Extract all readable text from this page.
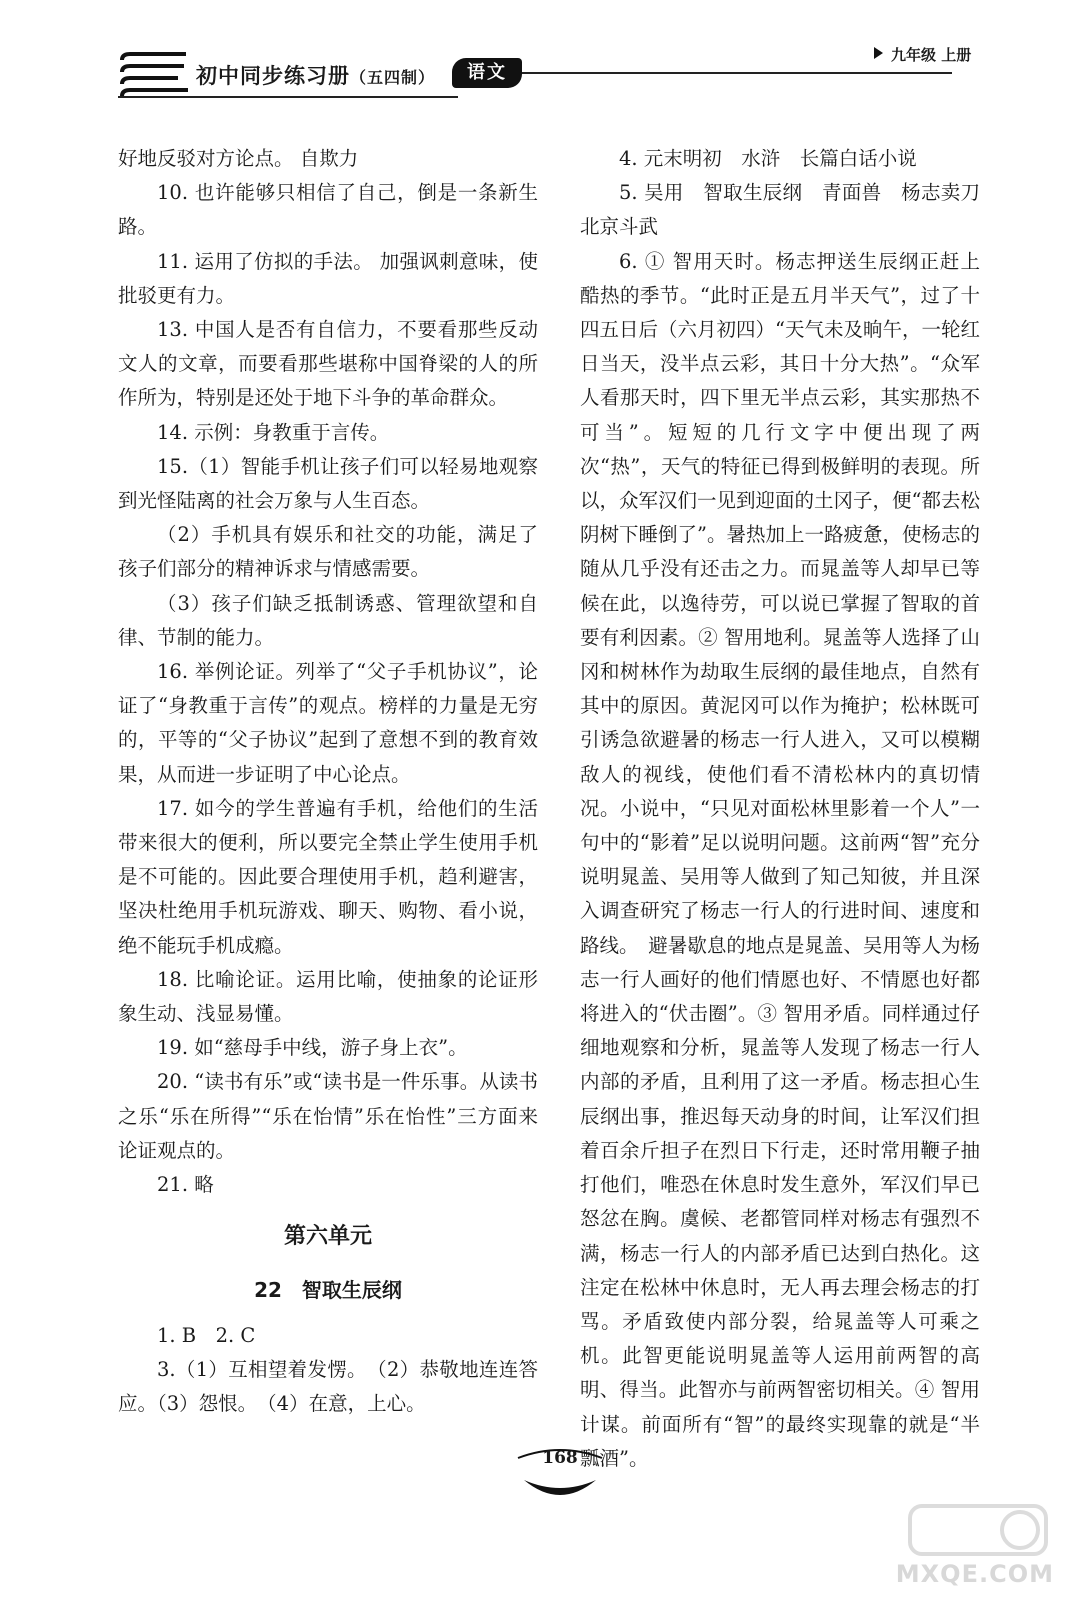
初中同步练习册（五四制）	语文
九年级 上册

好地反驳对方论点。 自欺力

10. 也许能够只相信了自己，倒是一条新生路。

11. 运用了仿拟的手法。 加强讽刺意味，使批驳更有力。

13. 中国人是否有自信力，不要看那些反动文人的文章，而要看那些堪称中国脊梁的人的所作所为，特别是还处于地下斗争的革命群众。

14. 示例：身教重于言传。

15.（1）智能手机让孩子们可以轻易地观察到光怪陆离的社会万象与人生百态。

（2）手机具有娱乐和社交的功能，满足了孩子们部分的精神诉求与情感需要。

（3）孩子们缺乏抵制诱惑、管理欲望和自律、节制的能力。

16. 举例论证。列举了“父子手机协议”，论证了“身教重于言传”的观点。榜样的力量是无穷的，平等的“父子协议”起到了意想不到的教育效果，从而进一步证明了中心论点。

17. 如今的学生普遍有手机，给他们的生活带来很大的便利，所以要完全禁止学生使用手机是不可能的。因此要合理使用手机，趋利避害，坚决杜绝用手机玩游戏、聊天、购物、看小说，绝不能玩手机成瘾。

18. 比喻论证。运用比喻，使抽象的论证形象生动、浅显易懂。

19. 如“慈母手中线，游子身上衣”。

20. “读书有乐”或“读书是一件乐事。从读书之乐“乐在所得”“乐在怡情”乐在怡性”三方面来论证观点的。

21. 略

第六单元

22　智取生辰纲

1. B　2. C

3.（1）互相望着发愣。　（2）恭敬地连连答应。（3）怨恨。　（4）在意，上心。

4. 元末明初　水浒　长篇白话小说

5. 吴用　智取生辰纲　青面兽　杨志卖刀　北京斗武

6. ① 智用天时。杨志押送生辰纲正赶上酷热的季节。“此时正是五月半天气”，过了十四五日后（六月初四）“天气未及晌午，一轮红日当天，没半点云彩，其日十分大热”。“众军人看那天时，四下里无半点云彩，其实那热不可当”。短短的几行文字中便出现了两次“热”，天气的特征已得到极鲜明的表现。所以，众军汉们一见到迎面的土冈子，便“都去松阴树下睡倒了”。暑热加上一路疲惫，使杨志的随从几乎没有还击之力。而晁盖等人却早已等候在此，以逸待劳，可以说已掌握了智取的首要有利因素。② 智用地利。晁盖等人选择了山冈和树林作为劫取生辰纲的最佳地点，自然有其中的原因。黄泥冈可以作为掩护；松林既可引诱急欲避暑的杨志一行人进入，又可以模糊敌人的视线，使他们看不清松林内的真切情况。小说中，“只见对面松林里影着一个人”一句中的“影着”足以说明问题。这前两“智”充分说明晁盖、吴用等人做到了知己知彼，并且深入调查研究了杨志一行人的行进时间、速度和路线。　避暑歇息的地点是晁盖、吴用等人为杨志一行人画好的他们情愿也好、不情愿也好都将进入的“伏击圈”。③ 智用矛盾。同样通过仔细地观察和分析，晁盖等人发现了杨志一行人内部的矛盾，且利用了这一矛盾。杨志担心生辰纲出事，推迟每天动身的时间，让军汉们担着百余斤担子在烈日下行走，还时常用鞭子抽打他们，唯恐在休息时发生意外，军汉们早已怒忿在胸。虞候、老都管同样对杨志有强烈不满，杨志一行人的内部矛盾已达到白热化。这注定在松林中休息时，无人再去理会杨志的打骂。矛盾致使内部分裂，给晁盖等人可乘之机。此智更能说明晁盖等人运用前两智的高明、得当。此智亦与前两智密切相关。④ 智用计谋。前面所有“智”的最终实现靠的就是“半瓢酒”。

168
MXQE.COM
